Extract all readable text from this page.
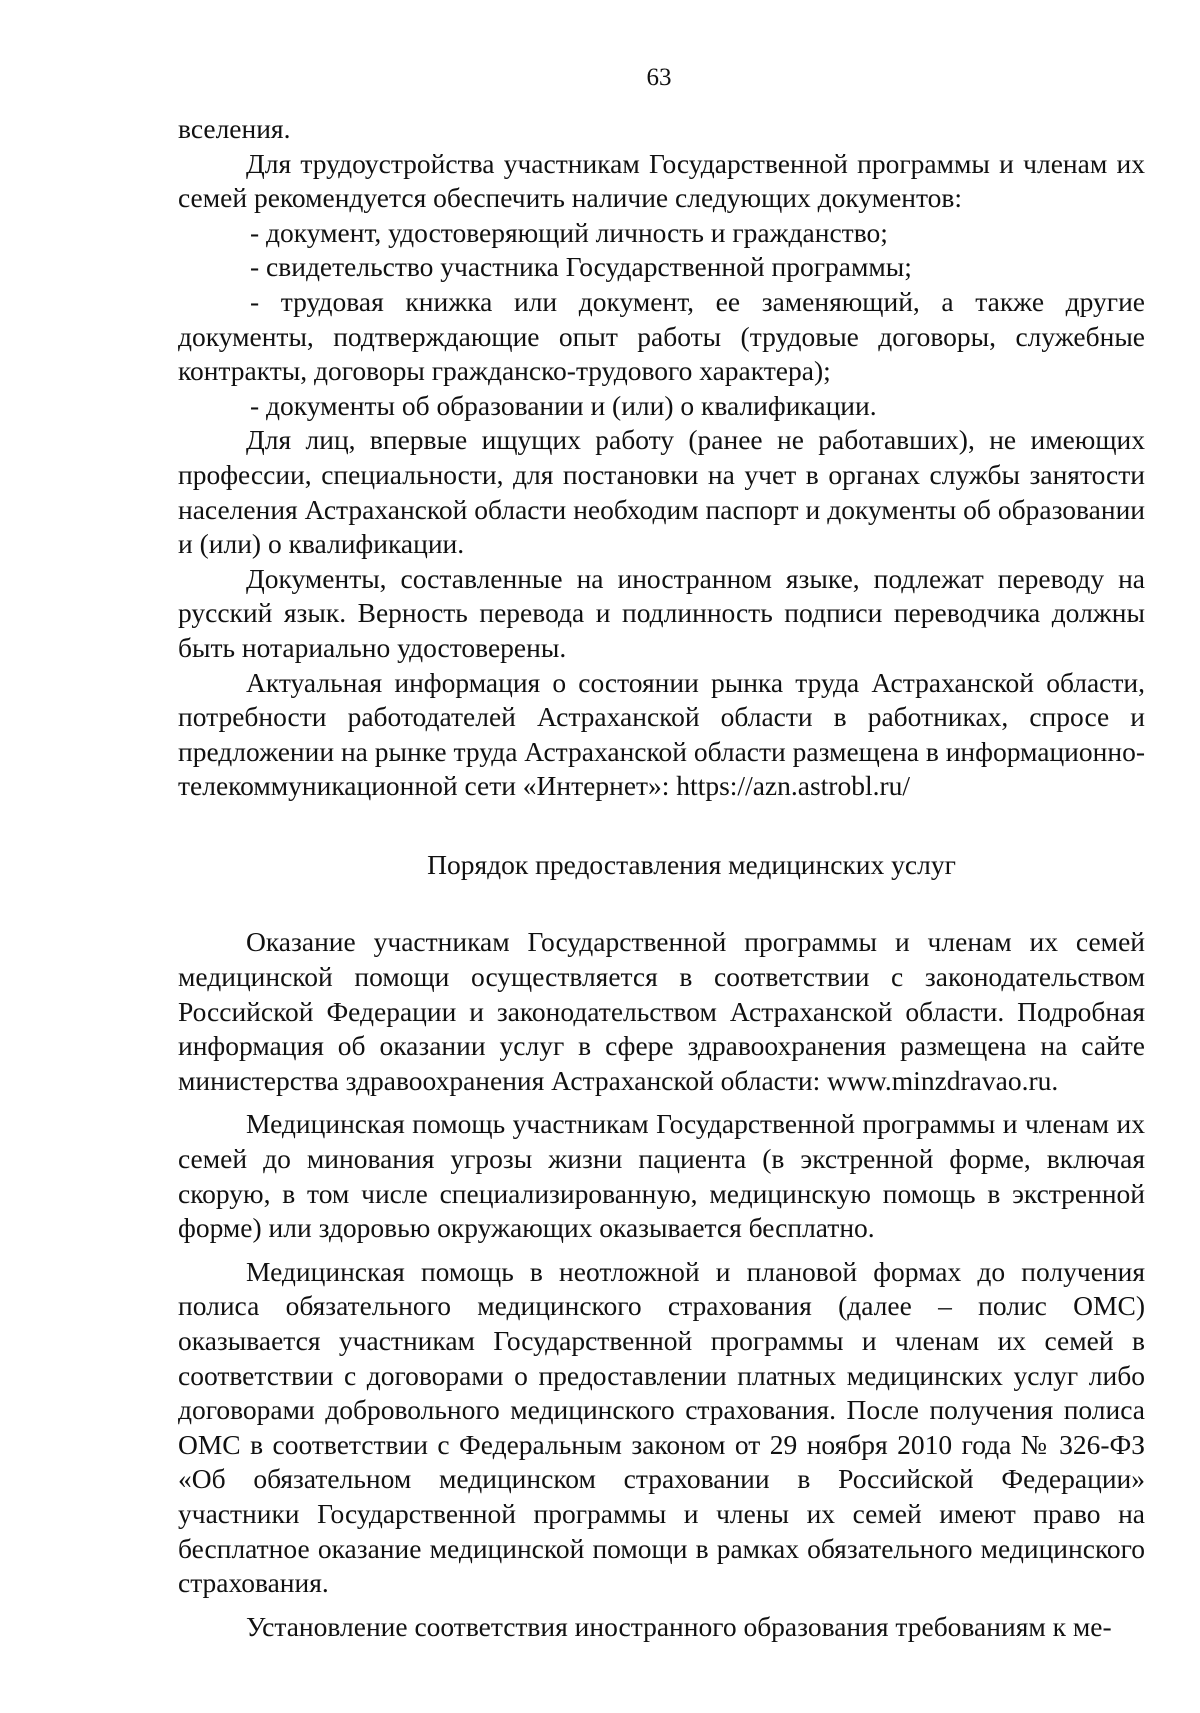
63

вселения.

Для трудоустройства участникам Государственной программы и членам их семей рекомендуется обеспечить наличие следующих документов:

- документ, удостоверяющий личность и гражданство;

- свидетельство участника Государственной программы;

- трудовая книжка или документ, ее заменяющий, а также другие документы, подтверждающие опыт работы (трудовые договоры, служебные контракты, договоры гражданско-трудового характера);

- документы об образовании и (или) о квалификации.

Для лиц, впервые ищущих работу (ранее не работавших), не имеющих профессии, специальности, для постановки на учет в органах службы занятости населения Астраханской области необходим паспорт и документы об образовании и (или) о квалификации.

Документы, составленные на иностранном языке, подлежат переводу на русский язык. Верность перевода и подлинность подписи переводчика должны быть нотариально удостоверены.

Актуальная информация о состоянии рынка труда Астраханской области, потребности работодателей Астраханской области в работниках, спросе и предложении на рынке труда Астраханской области размещена в информационно-телекоммуникационной сети «Интернет»: https://azn.astrobl.ru/

Порядок предоставления медицинских услуг

Оказание участникам Государственной программы и членам их семей медицинской помощи осуществляется в соответствии с законодательством Российской Федерации и законодательством Астраханской области. Подробная информация об оказании услуг в сфере здравоохранения размещена на сайте министерства здравоохранения Астраханской области: www.minzdravao.ru.

Медицинская помощь участникам Государственной программы и членам их семей до минования угрозы жизни пациента (в экстренной форме, включая скорую, в том числе специализированную, медицинскую помощь в экстренной форме) или здоровью окружающих оказывается бесплатно.

Медицинская помощь в неотложной и плановой формах до получения полиса обязательного медицинского страхования (далее – полис ОМС) оказывается участникам Государственной программы и членам их семей в соответствии с договорами о предоставлении платных медицинских услуг либо договорами добровольного медицинского страхования. После получения полиса ОМС в соответствии с Федеральным законом от 29 ноября 2010 года № 326-ФЗ «Об обязательном медицинском страховании в Российской Федерации» участники Государственной программы и члены их семей имеют право на бесплатное оказание медицинской помощи в рамках обязательного медицинского страхования.

Установление соответствия иностранного образования требованиям к ме-
